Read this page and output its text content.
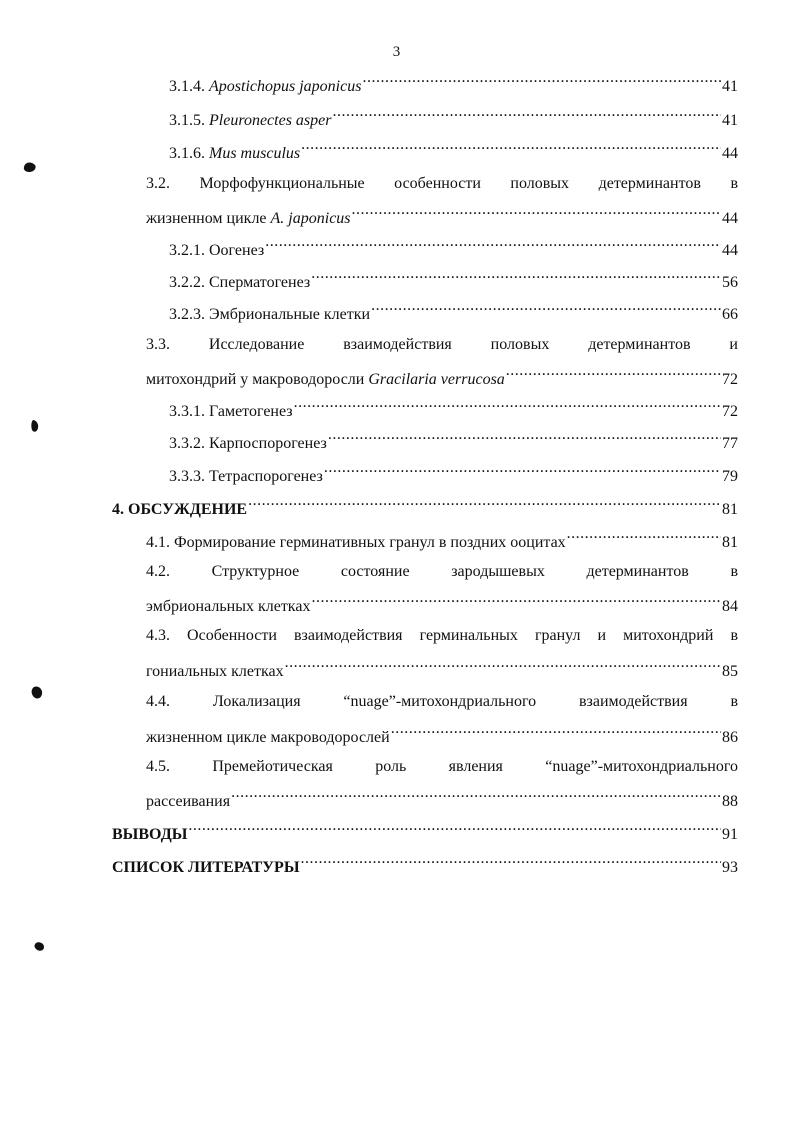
3
3.1.4. Apostichopus japonicus .....	41
3.1.5. Pleuronectes asper .....	41
3.1.6. Mus musculus .....	44
3.2. Морфофункциональные особенности половых детерминантов в
жизненном цикле A. japonicus .....	44
3.2.1. Оогенез .....	44
3.2.2. Сперматогенез .....	56
3.2.3. Эмбриональные клетки .....	66
3.3. Исследование взаимодействия половых детерминантов и
митохондрий у макроводоросли Gracilaria verrucosa .....	72
3.3.1. Гаметогенез .....	72
3.3.2. Карпоспорогенез .....	77
3.3.3. Тетраспорогенез .....	79
4. ОБСУЖДЕНИЕ .....	81
4.1. Формирование герминативных гранул в поздних ооцитах .....	81
4.2. Структурное состояние зародышевых детерминантов в
эмбриональных клетках .....	84
4.3. Особенности взаимодействия герминальных гранул и митохондрий в
гониальных клетках .....	85
4.4. Локализация “nuage”-митохондриального взаимодействия в
жизненном цикле макроводорослей .....	86
4.5. Премейотическая роль явления “nuage”-митохондриального
рассеивания .....	88
ВЫВОДЫ .....	91
СПИСОК ЛИТЕРАТУРЫ .....	93
